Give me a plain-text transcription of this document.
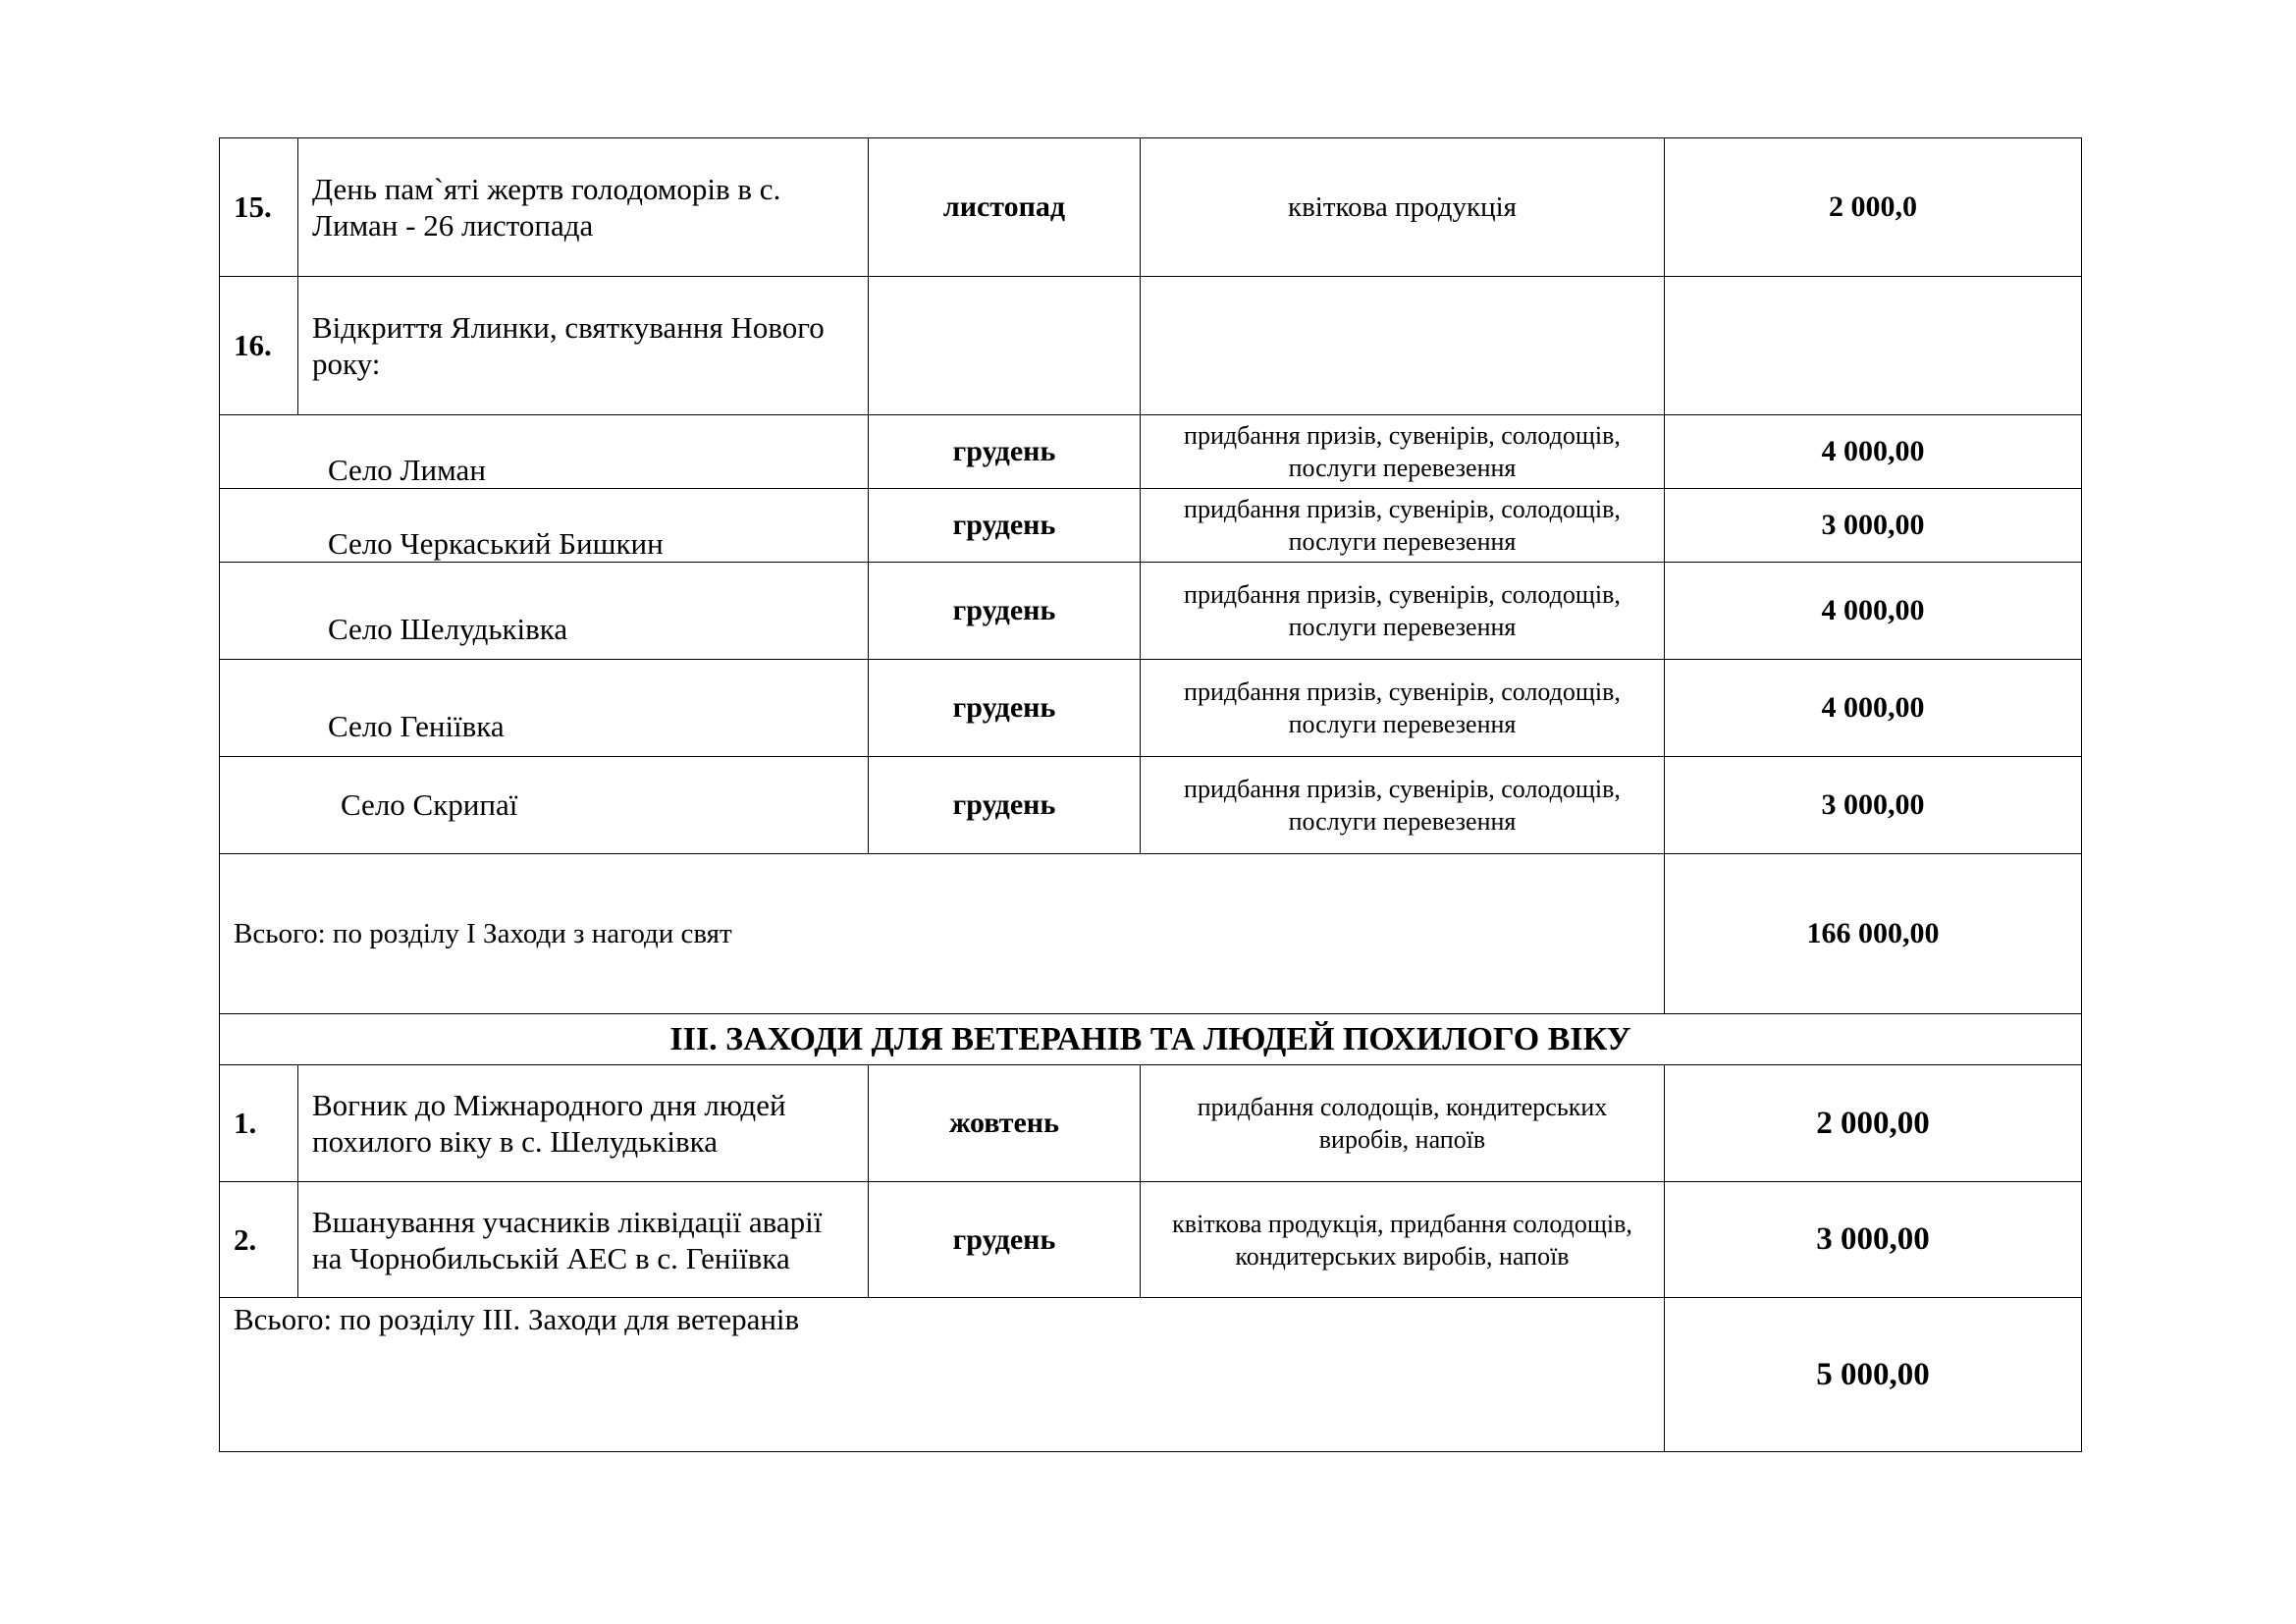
15.	День пам`яті жертв голодоморів в с. Лиман - 26 листопада	листопад	квіткова продукція	2 000,0
16.	Відкриття Ялинки, святкування Нового року:			
Село Лиман		грудень	придбання призів, сувенірів, солодощів, послуги перевезення	4 000,00
Село Черкаський Бишкин		грудень	придбання призів, сувенірів, солодощів, послуги перевезення	3 000,00
Село Шелудьківка		грудень	придбання призів, сувенірів, солодощів, послуги перевезення	4 000,00
Село Геніївка		грудень	придбання призів, сувенірів, солодощів, послуги перевезення	4 000,00
Село Скрипаї		грудень	придбання призів, сувенірів, солодощів, послуги перевезення	3 000,00
Всього: по розділу І Заходи з нагоди свят				166 000,00
ІІІ. ЗАХОДИ ДЛЯ ВЕТЕРАНІВ ТА ЛЮДЕЙ ПОХИЛОГО ВІКУ				
1.	Вогник до Міжнародного дня людей похилого віку в с. Шелудьківка	жовтень	придбання солодощів, кондитерських виробів, напоїв	2 000,00
2.	Вшанування учасників ліквідації аварії на Чорнобильській АЕС в с. Геніївка	грудень	квіткова продукція, придбання солодощів, кондитерських виробів, напоїв	3 000,00
Всього: по розділу ІІІ. Заходи для ветеранів				5 000,00
